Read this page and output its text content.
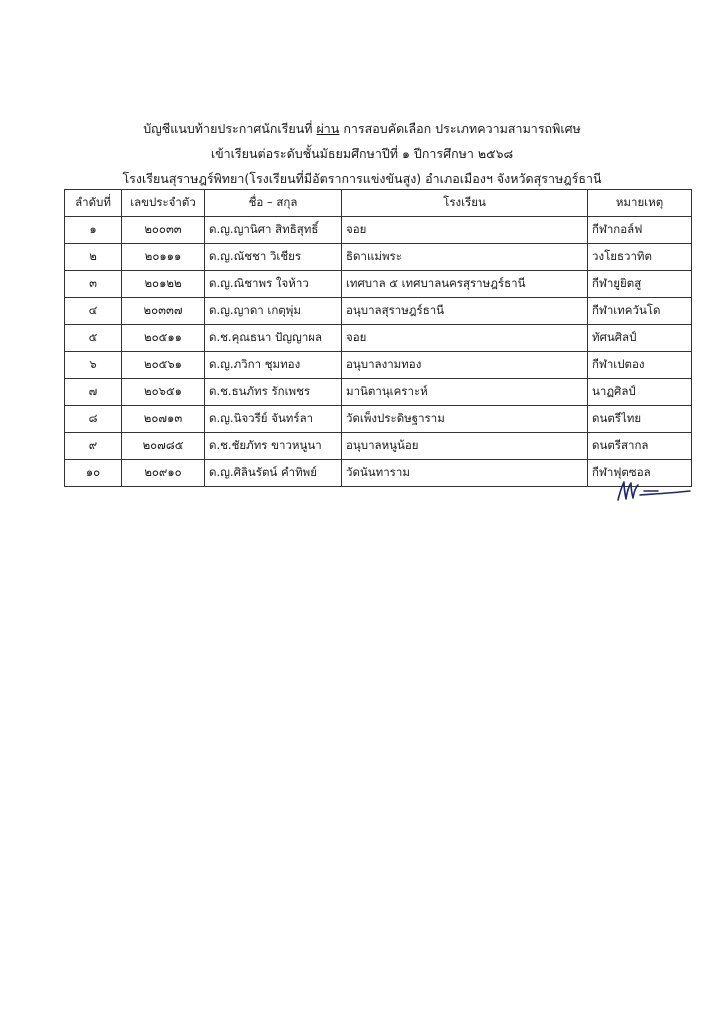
บัญชีแนบท้ายประกาศนักเรียนที่ ผ่าน การสอบคัดเลือก ประเภทความสามารถพิเศษ
เข้าเรียนต่อระดับชั้นมัธยมศึกษาปีที่ ๑ ปีการศึกษา ๒๕๖๘
โรงเรียนสุราษฎร์พิทยา(โรงเรียนที่มีอัตราการแข่งขันสูง) อำเภอเมืองฯ จังหวัดสุราษฎร์ธานี
ลำดับที่	เลขประจำตัว	ชื่อ – สกุล	โรงเรียน	หมายเหตุ
๑	๒๐๐๓๓	ด.ญ.ญานิศา สิทธิสุทธิ์	จอย	กีฬากอล์ฟ
๒	๒๐๑๑๑	ด.ญ.ณัชชา วิเชียร	ธิดาแม่พระ	วงโยธวาทิต
๓	๒๐๑๒๒	ด.ญ.ณิชาพร ใจห้าว	เทศบาล ๕ เทศบาลนครสุราษฎร์ธานี	กีฬายูยิตสู
๔	๒๐๓๓๗	ด.ญ.ญาดา เกตุพุ่ม	อนุบาลสุราษฎร์ธานี	กีฬาเทควันโด
๕	๒๐๕๑๑	ด.ช.คุณธนา ปัญญาผล	จอย	ทัศนศิลป์
๖	๒๐๕๖๑	ด.ญ.ภวิกา ชุมทอง	อนุบาลงามทอง	กีฬาเปตอง
๗	๒๐๖๕๑	ด.ช.ธนภัทร รักเพชร	มานิตานุเคราะห์	นาฏศิลป์
๘	๒๐๗๑๓	ด.ญ.นิจวรีย์ จันทร์ลา	วัดเพ็งประดิษฐาราม	ดนตรีไทย
๙	๒๐๗๘๕	ด.ช.ชัยภัทร ขาวหนูนา	อนุบาลหนูน้อย	ดนตรีสากล
๑๐	๒๐๙๑๐	ด.ญ.ศิลินรัตน์ คำทิพย์	วัดนันทาราม	กีฬาฟุตซอล
